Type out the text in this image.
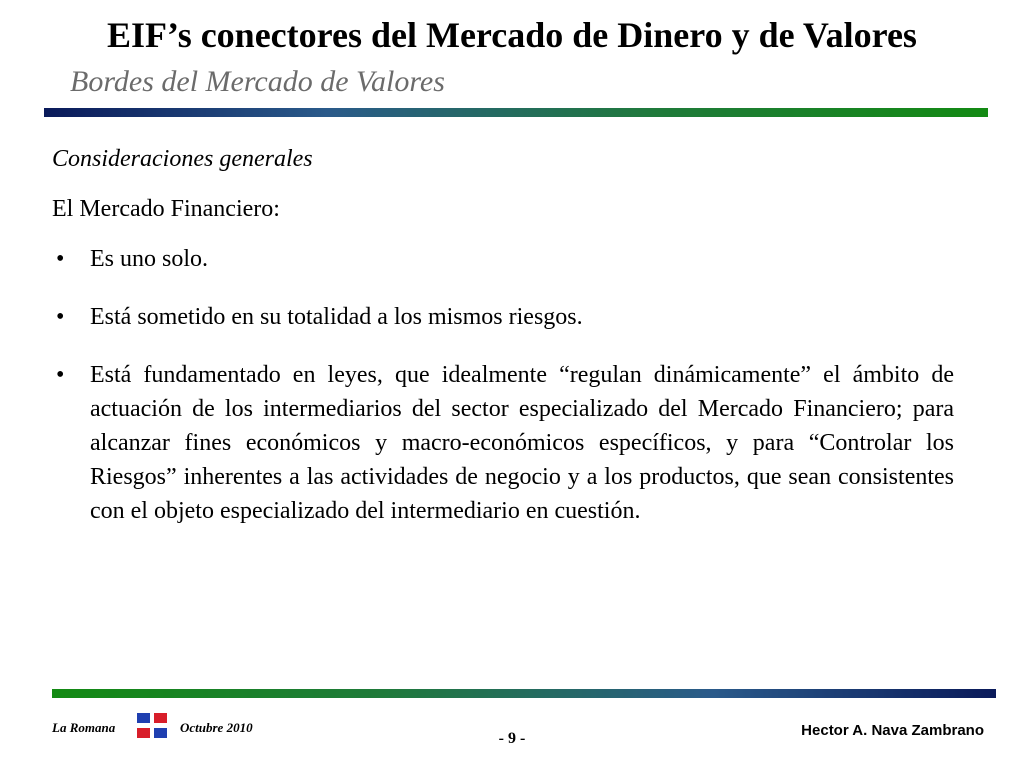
EIF’s conectores del Mercado de Dinero y de Valores
Bordes del Mercado de Valores

Consideraciones generales

El Mercado Financiero:

• Es uno solo.
• Está sometido en su totalidad a los mismos riesgos.
• Está fundamentado en leyes, que idealmente “regulan dinámicamente” el ámbito de actuación de los intermediarios del sector especializado del Mercado Financiero; para alcanzar fines económicos y macro-económicos específicos, y para “Controlar los Riesgos” inherentes a las actividades de negocio y a los productos, que sean consistentes con el objeto especializado del intermediario en cuestión.
La Romana	Octubre 2010
- 9 -	Hector A. Nava Zambrano
